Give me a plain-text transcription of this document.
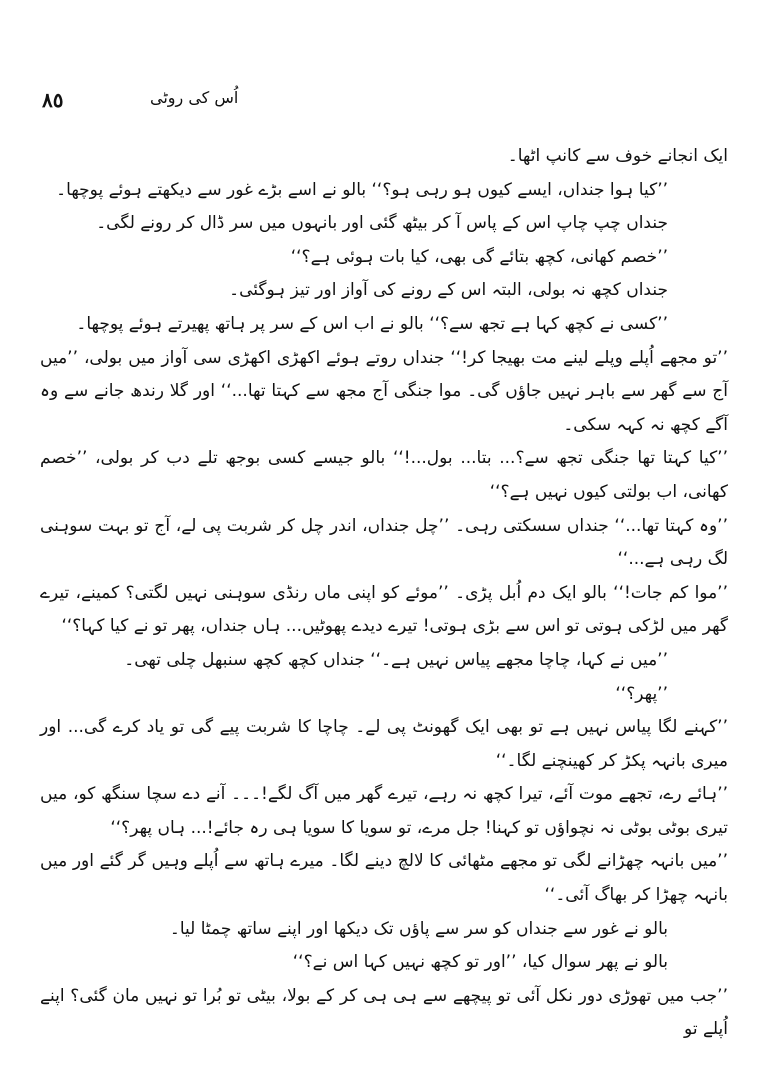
٨٥	اُس کی روٹی

ایک انجانے خوف سے کانپ اٹھا۔

’’کیا ہوا جنداں، ایسے کیوں ہو رہی ہو؟‘‘ بالو نے اسے بڑے غور سے دیکھتے ہوئے پوچھا۔

جنداں چپ چاپ اس کے پاس آ کر بیٹھ گئی اور بانہوں میں سر ڈال کر رونے لگی۔

’’خصم کھانی، کچھ بتائے گی بھی، کیا بات ہوئی ہے؟‘‘

جنداں کچھ نہ بولی، البتہ اس کے رونے کی آواز اور تیز ہوگئی۔

’’کسی نے کچھ کہا ہے تجھ سے؟‘‘ بالو نے اب اس کے سر پر ہاتھ پھیرتے ہوئے پوچھا۔

’’تو مجھے اُپلے وپلے لینے مت بھیجا کر!‘‘ جنداں روتے ہوئے اکھڑی اکھڑی سی آواز میں بولی، ’’میں آج سے گھر سے باہر نہیں جاؤں گی۔ موا جنگی آج مجھ سے کہتا تھا...‘‘ اور گلا رندھ جانے سے وہ آگے کچھ نہ کہہ سکی۔

’’کیا کہتا تھا جنگی تجھ سے؟... بتا... بول...!‘‘ بالو جیسے کسی بوجھ تلے دب کر بولی، ’’خصم کھانی، اب بولتی کیوں نہیں ہے؟‘‘

’’وہ کہتا تھا...‘‘ جنداں سسکتی رہی۔ ’’چل جنداں، اندر چل کر شربت پی لے، آج تو بہت سوہنی لگ رہی ہے...‘‘

’’موا کم جات!‘‘ بالو ایک دم اُبل پڑی۔ ’’موئے کو اپنی ماں رنڈی سوہنی نہیں لگتی؟ کمینے، تیرے گھر میں لڑکی ہوتی تو اس سے بڑی ہوتی! تیرے دیدے پھوٹیں... ہاں جنداں، پھر تو نے کیا کہا؟‘‘

’’میں نے کہا، چاچا مجھے پیاس نہیں ہے۔‘‘ جنداں کچھ کچھ سنبھل چلی تھی۔

’’پھر؟‘‘

’’کہنے لگا پیاس نہیں ہے تو بھی ایک گھونٹ پی لے۔ چاچا کا شربت پیے گی تو یاد کرے گی... اور میری بانہہ پکڑ کر کھینچنے لگا۔‘‘

’’ہائے رے، تجھے موت آئے، تیرا کچھ نہ رہے، تیرے گھر میں آگ لگے!۔۔۔ آنے دے سچا سنگھ کو، میں تیری بوٹی بوٹی نہ نچواؤں تو کہنا! جل مرے، تو سویا کا سویا ہی رہ جائے!... ہاں پھر؟‘‘

’’میں بانہہ چھڑانے لگی تو مجھے مٹھائی کا لالچ دینے لگا۔ میرے ہاتھ سے اُپلے وہیں گر گئے اور میں بانہہ چھڑا کر بھاگ آئی۔‘‘

بالو نے غور سے جنداں کو سر سے پاؤں تک دیکھا اور اپنے ساتھ چمٹا لیا۔

بالو نے پھر سوال کیا، ’’اور تو کچھ نہیں کہا اس نے؟‘‘

’’جب میں تھوڑی دور نکل آئی تو پیچھے سے ہی ہی کر کے بولا، بیٹی تو بُرا تو نہیں مان گئی؟ اپنے اُپلے تو
